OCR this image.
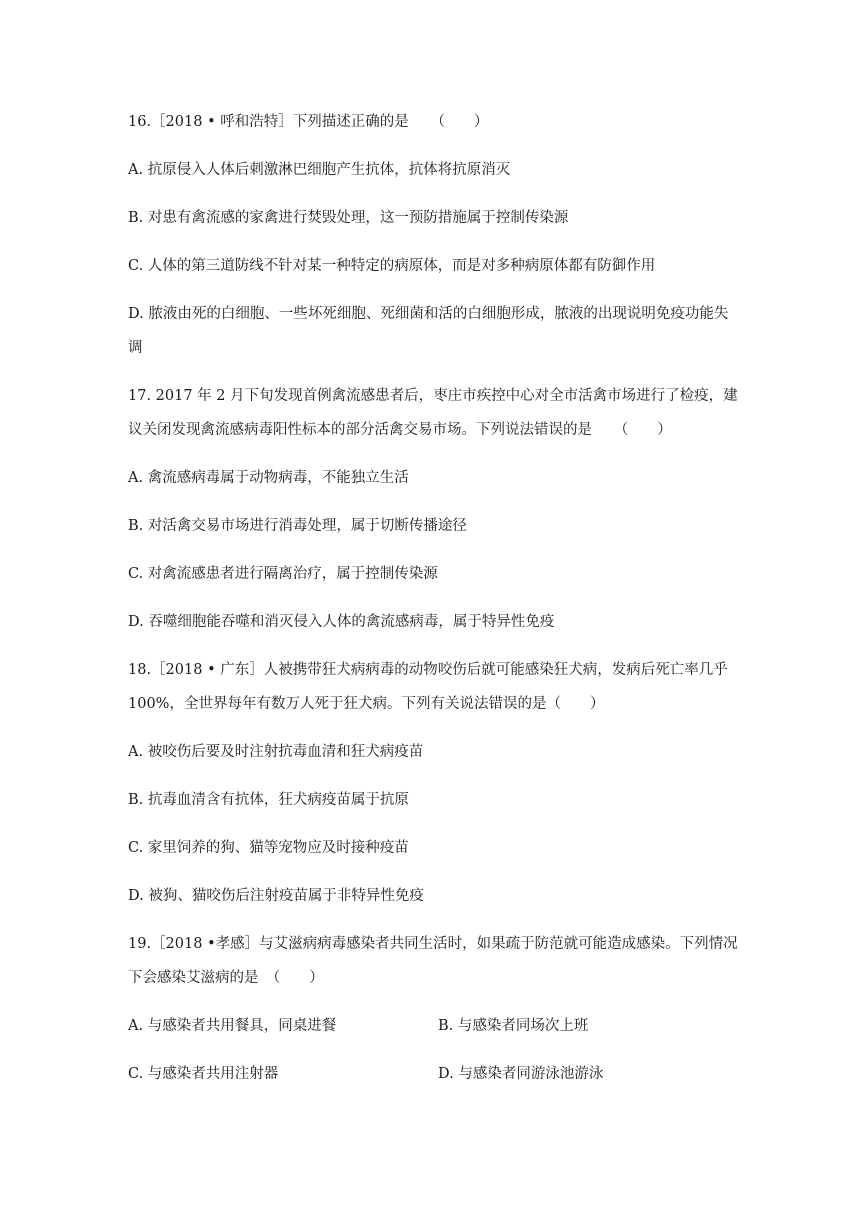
16.［2018 • 呼和浩特］下列描述正确的是　　（　　）
A. 抗原侵入人体后刺激淋巴细胞产生抗体，抗体将抗原消灭
B. 对患有禽流感的家禽进行焚毁处理，这一预防措施属于控制传染源
C. 人体的第三道防线不针对某一种特定的病原体，而是对多种病原体都有防御作用
D. 脓液由死的白细胞、一些坏死细胞、死细菌和活的白细胞形成，脓液的出现说明免疫功能失
调
17. 2017 年 2 月下旬发现首例禽流感患者后，枣庄市疾控中心对全市活禽市场进行了检疫，建
议关闭发现禽流感病毒阳性标本的部分活禽交易市场。下列说法错误的是　　（　　）
A. 禽流感病毒属于动物病毒，不能独立生活
B. 对活禽交易市场进行消毒处理，属于切断传播途径
C. 对禽流感患者进行隔离治疗，属于控制传染源
D. 吞噬细胞能吞噬和消灭侵入人体的禽流感病毒，属于特异性免疫
18.［2018 • 广东］人被携带狂犬病病毒的动物咬伤后就可能感染狂犬病，发病后死亡率几乎
100%，全世界每年有数万人死于狂犬病。下列有关说法错误的是（　　）
A. 被咬伤后要及时注射抗毒血清和狂犬病疫苗
B. 抗毒血清含有抗体，狂犬病疫苗属于抗原
C. 家里饲养的狗、猫等宠物应及时接种疫苗
D. 被狗、猫咬伤后注射疫苗属于非特异性免疫
19.［2018 •孝感］与艾滋病病毒感染者共同生活时，如果疏于防范就可能造成感染。下列情况
下会感染艾滋病的是　（　　）
A. 与感染者共用餐具，同桌进餐	B. 与感染者同场次上班
C. 与感染者共用注射器	D. 与感染者同游泳池游泳
